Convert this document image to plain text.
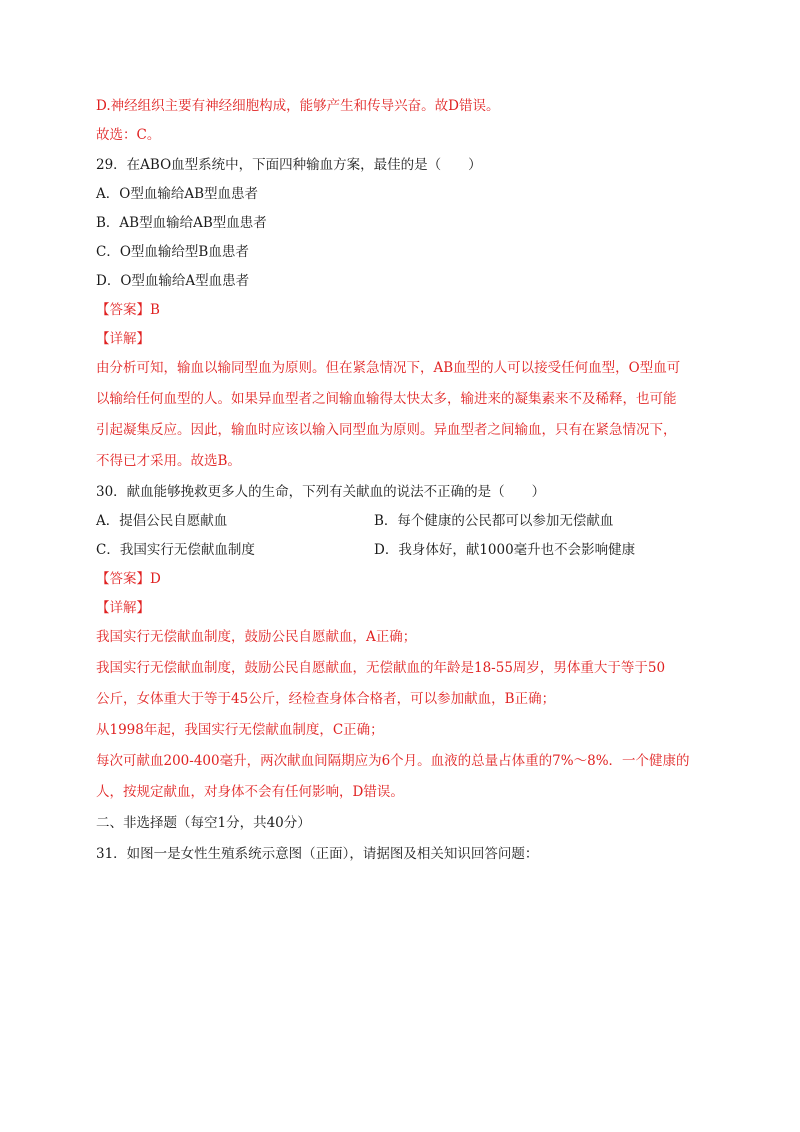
D.神经组织主要有神经细胞构成，能够产生和传导兴奋。故D错误。
故选：C。
29．在ABO血型系统中，下面四种输血方案，最佳的是（　　）
A．O型血输给AB型血患者
B．AB型血输给AB型血患者
C．O型血输给型B血患者
D．O型血输给A型血患者
【答案】B
【详解】
由分析可知，输血以输同型血为原则。但在紧急情况下，AB血型的人可以接受任何血型，O型血可
以输给任何血型的人。如果异血型者之间输血输得太快太多，输进来的凝集素来不及稀释，也可能
引起凝集反应。因此，输血时应该以输入同型血为原则。异血型者之间输血，只有在紧急情况下，
不得已才采用。故选B。
30．献血能够挽救更多人的生命，下列有关献血的说法不正确的是（　　）
A．提倡公民自愿献血	B．每个健康的公民都可以参加无偿献血
C．我国实行无偿献血制度	D．我身体好，献1000毫升也不会影响健康
【答案】D
【详解】
我国实行无偿献血制度，鼓励公民自愿献血，A正确；
我国实行无偿献血制度，鼓励公民自愿献血，无偿献血的年龄是18-55周岁，男体重大于等于50
公斤，女体重大于等于45公斤，经检查身体合格者，可以参加献血，B正确；
从1998年起，我国实行无偿献血制度，C正确；
每次可献血200-400毫升，两次献血间隔期应为6个月。血液的总量占体重的7%～8%．一个健康的
人，按规定献血，对身体不会有任何影响，D错误。
二、非选择题（每空1分，共40分）
31．如图一是女性生殖系统示意图（正面），请据图及相关知识回答问题：
